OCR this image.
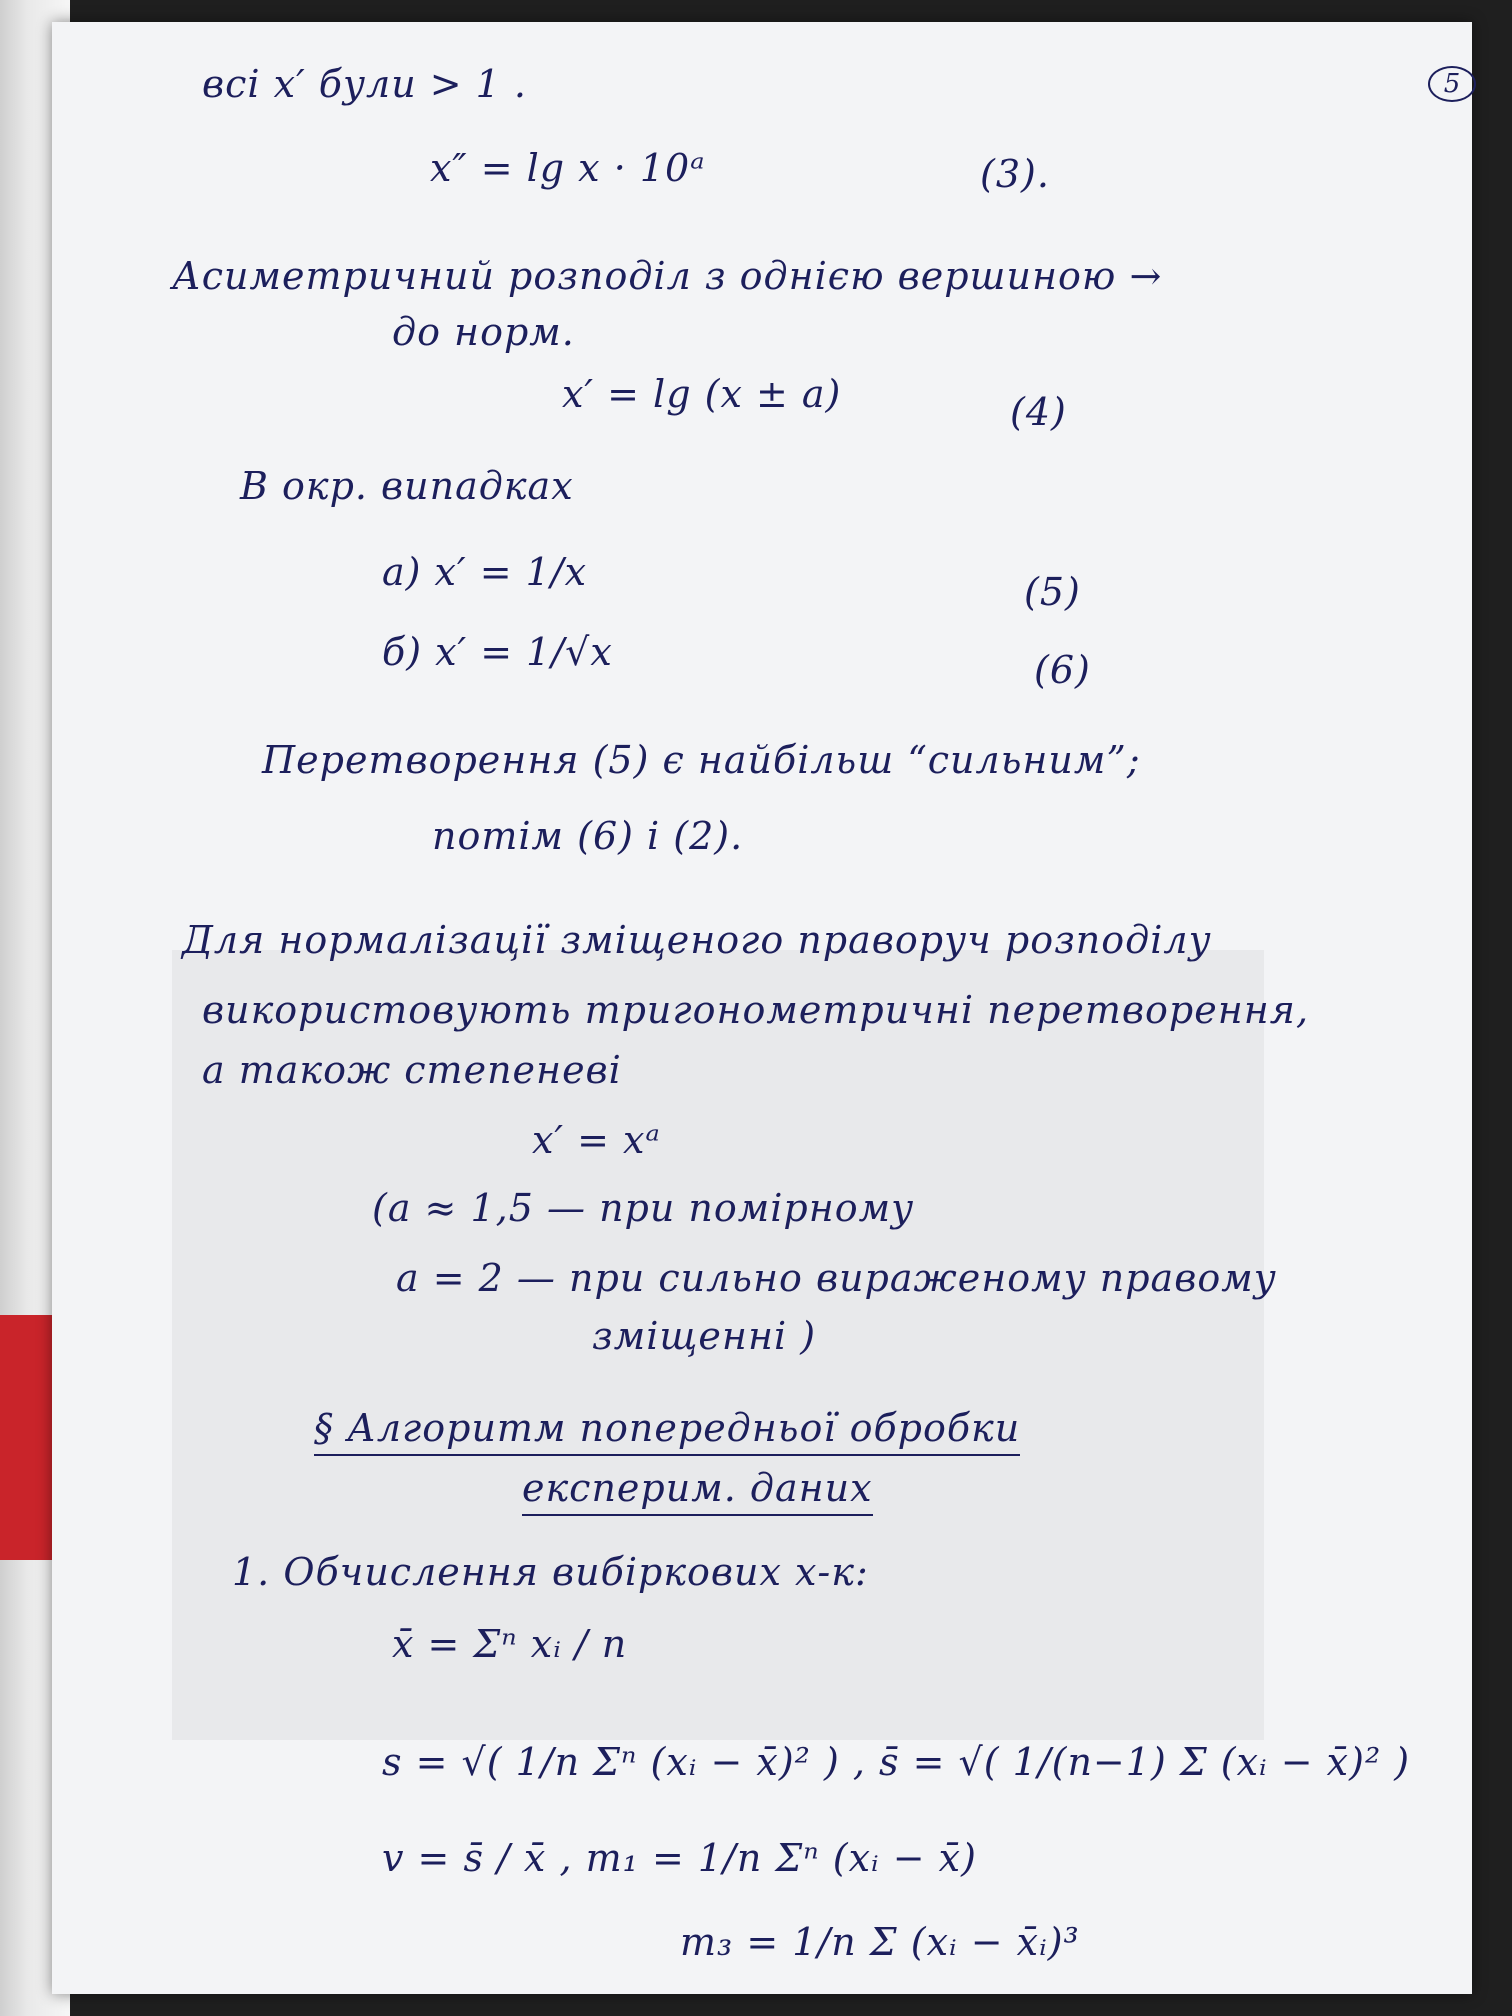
5
всі x′ були > 1 .
x″ = lg x · 10ᵃ	(3).
Асиметричний розподіл з однією вершиною →
до норм.
x′ = lg (x ± a)	(4)
В окр. випадках
а) x′ = 1/x	(5)
б) x′ = 1/√x	(6)
Перетворення (5) є найбільш “сильним”;
потім (6) і (2).
Для нормалізації зміщеного праворуч розподілу
використовують тригонометричні перетворення,
а також степеневі
x′ = xᵃ
(a ≈ 1,5 — при помірному
a = 2 — при сильно вираженому правому
зміщенні )
§ Алгоритм попередньої обробки
експерим. даних
1. Обчислення вибіркових х-к:
x̄ = Σⁿ xᵢ / n
s = √( 1/n Σⁿ (xᵢ − x̄)² ) , s̄ = √( 1/(n−1) Σ (xᵢ − x̄)² )
v = s̄ / x̄ , m₁ = 1/n Σⁿ (xᵢ − x̄)
m₃ = 1/n Σ (xᵢ − x̄ᵢ)³
